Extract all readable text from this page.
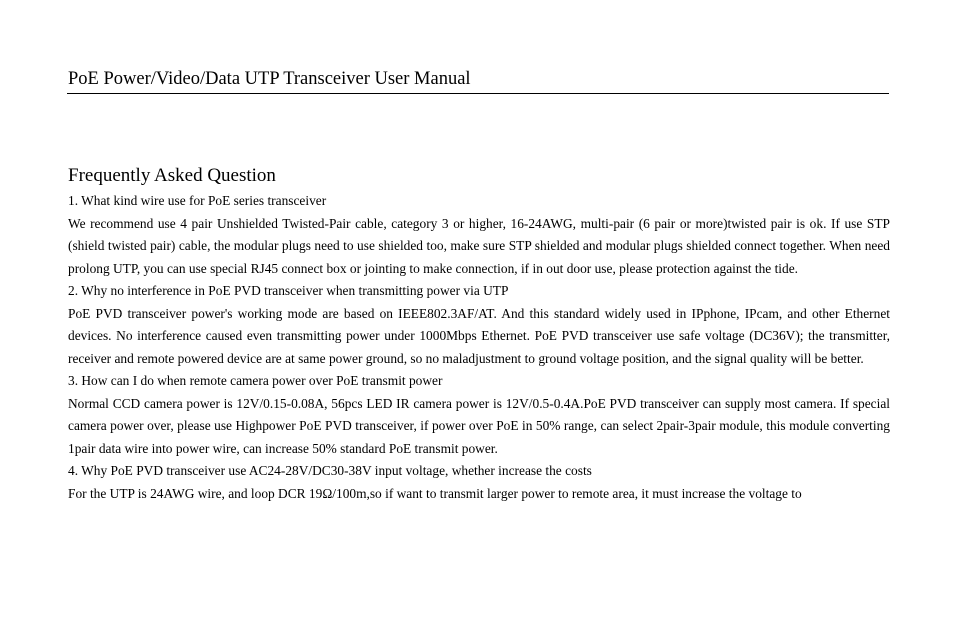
PoE Power/Video/Data UTP Transceiver User Manual
Frequently Asked Question
1. What kind wire use for PoE series transceiver
We recommend use 4 pair Unshielded Twisted-Pair cable, category 3 or higher, 16-24AWG, multi-pair (6 pair or more)twisted pair is ok. If use STP (shield twisted pair) cable, the modular plugs need to use shielded too, make sure STP shielded and modular plugs shielded connect together. When need prolong UTP, you can use special RJ45 connect box or jointing to make connection, if in out door use, please protection against the tide.
2. Why no interference in PoE PVD transceiver when transmitting power via UTP
PoE PVD transceiver power's working mode are based on IEEE802.3AF/AT. And this standard widely used in IPphone, IPcam, and other Ethernet devices. No interference caused even transmitting power under 1000Mbps Ethernet. PoE PVD transceiver use safe voltage (DC36V); the transmitter, receiver and remote powered device are at same power ground, so no maladjustment to ground voltage position, and the signal quality will be better.
3. How can I do when remote camera power over PoE transmit power
Normal CCD camera power is 12V/0.15-0.08A, 56pcs LED IR camera power is 12V/0.5-0.4A.PoE PVD transceiver can supply most camera. If special camera power over, please use Highpower PoE PVD transceiver, if power over PoE in 50% range, can select 2pair-3pair module, this module converting 1pair data wire into power wire, can increase 50% standard PoE transmit power.
4. Why PoE PVD transceiver use AC24-28V/DC30-38V input voltage, whether increase the costs
For the UTP is 24AWG wire, and loop DCR 19Ω/100m,so if want to transmit larger power to remote area, it must increase the voltage to
